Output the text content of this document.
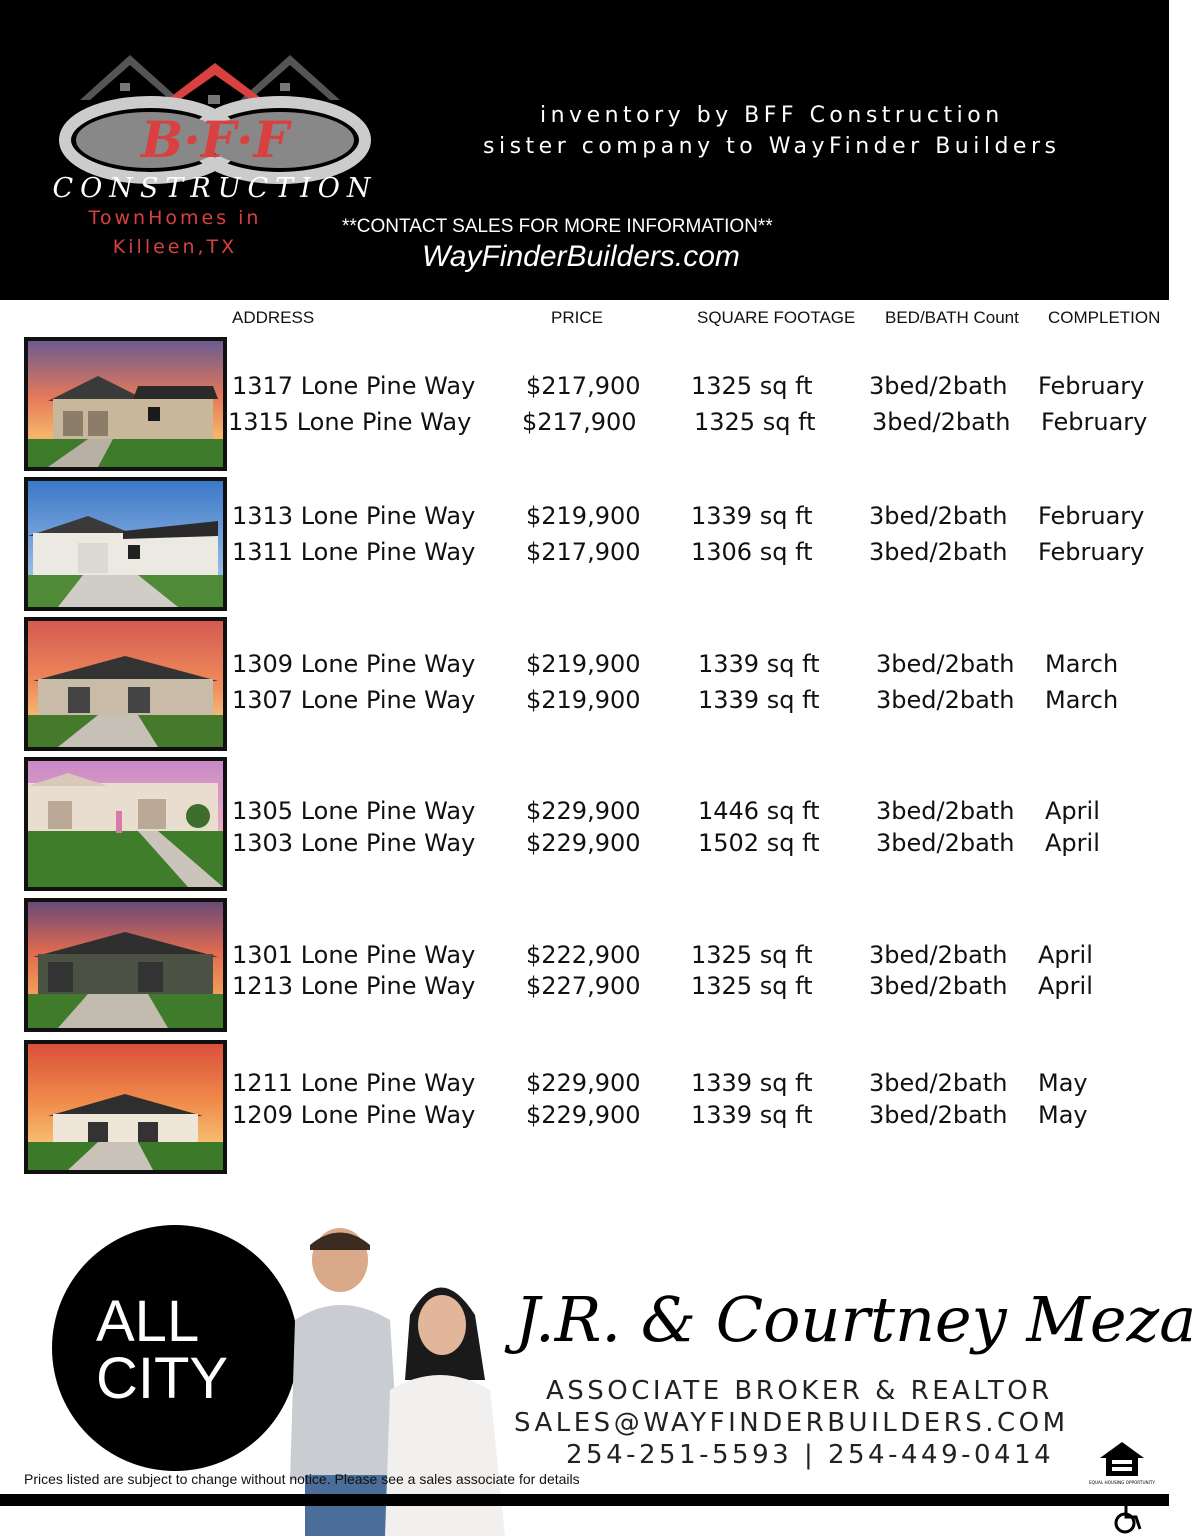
B·F·F
CONSTRUCTION
TownHomes in
Killeen,TX
inventory by BFF Construction
sister company to WayFinder Builders
**CONTACT SALES FOR MORE INFORMATION**
WayFinderBuilders.com
ADDRESS	PRICE	SQUARE FOOTAGE BED/BATH Count COMPLETION
1317 Lone Pine Way $217,900 1325 sq ft 3bed/2bath February
1315 Lone Pine Way $217,900 1325 sq ft 3bed/2bath February
1313 Lone Pine Way $219,900 1339 sq ft 3bed/2bath February
1311 Lone Pine Way $217,900 1306 sq ft 3bed/2bath February
1309 Lone Pine Way $219,900 1339 sq ft 3bed/2bath March
1307 Lone Pine Way $219,900 1339 sq ft 3bed/2bath March
1305 Lone Pine Way $229,900 1446 sq ft 3bed/2bath April
1303 Lone Pine Way $229,900 1502 sq ft 3bed/2bath April
1301 Lone Pine Way $222,900 1325 sq ft 3bed/2bath April
1213 Lone Pine Way $227,900 1325 sq ft 3bed/2bath April
1211 Lone Pine Way $229,900 1339 sq ft 3bed/2bath May
1209 Lone Pine Way $229,900 1339 sq ft 3bed/2bath May
ALL
CITY
J.R. & Courtney Meza
ASSOCIATE BROKER & REALTOR
SALES@WAYFINDERBUILDERS.COM
254-251-5593 | 254-449-0414
EQUAL HOUSING OPPORTUNITY
Prices listed are subject to change without notice. Please see a sales associate for details
